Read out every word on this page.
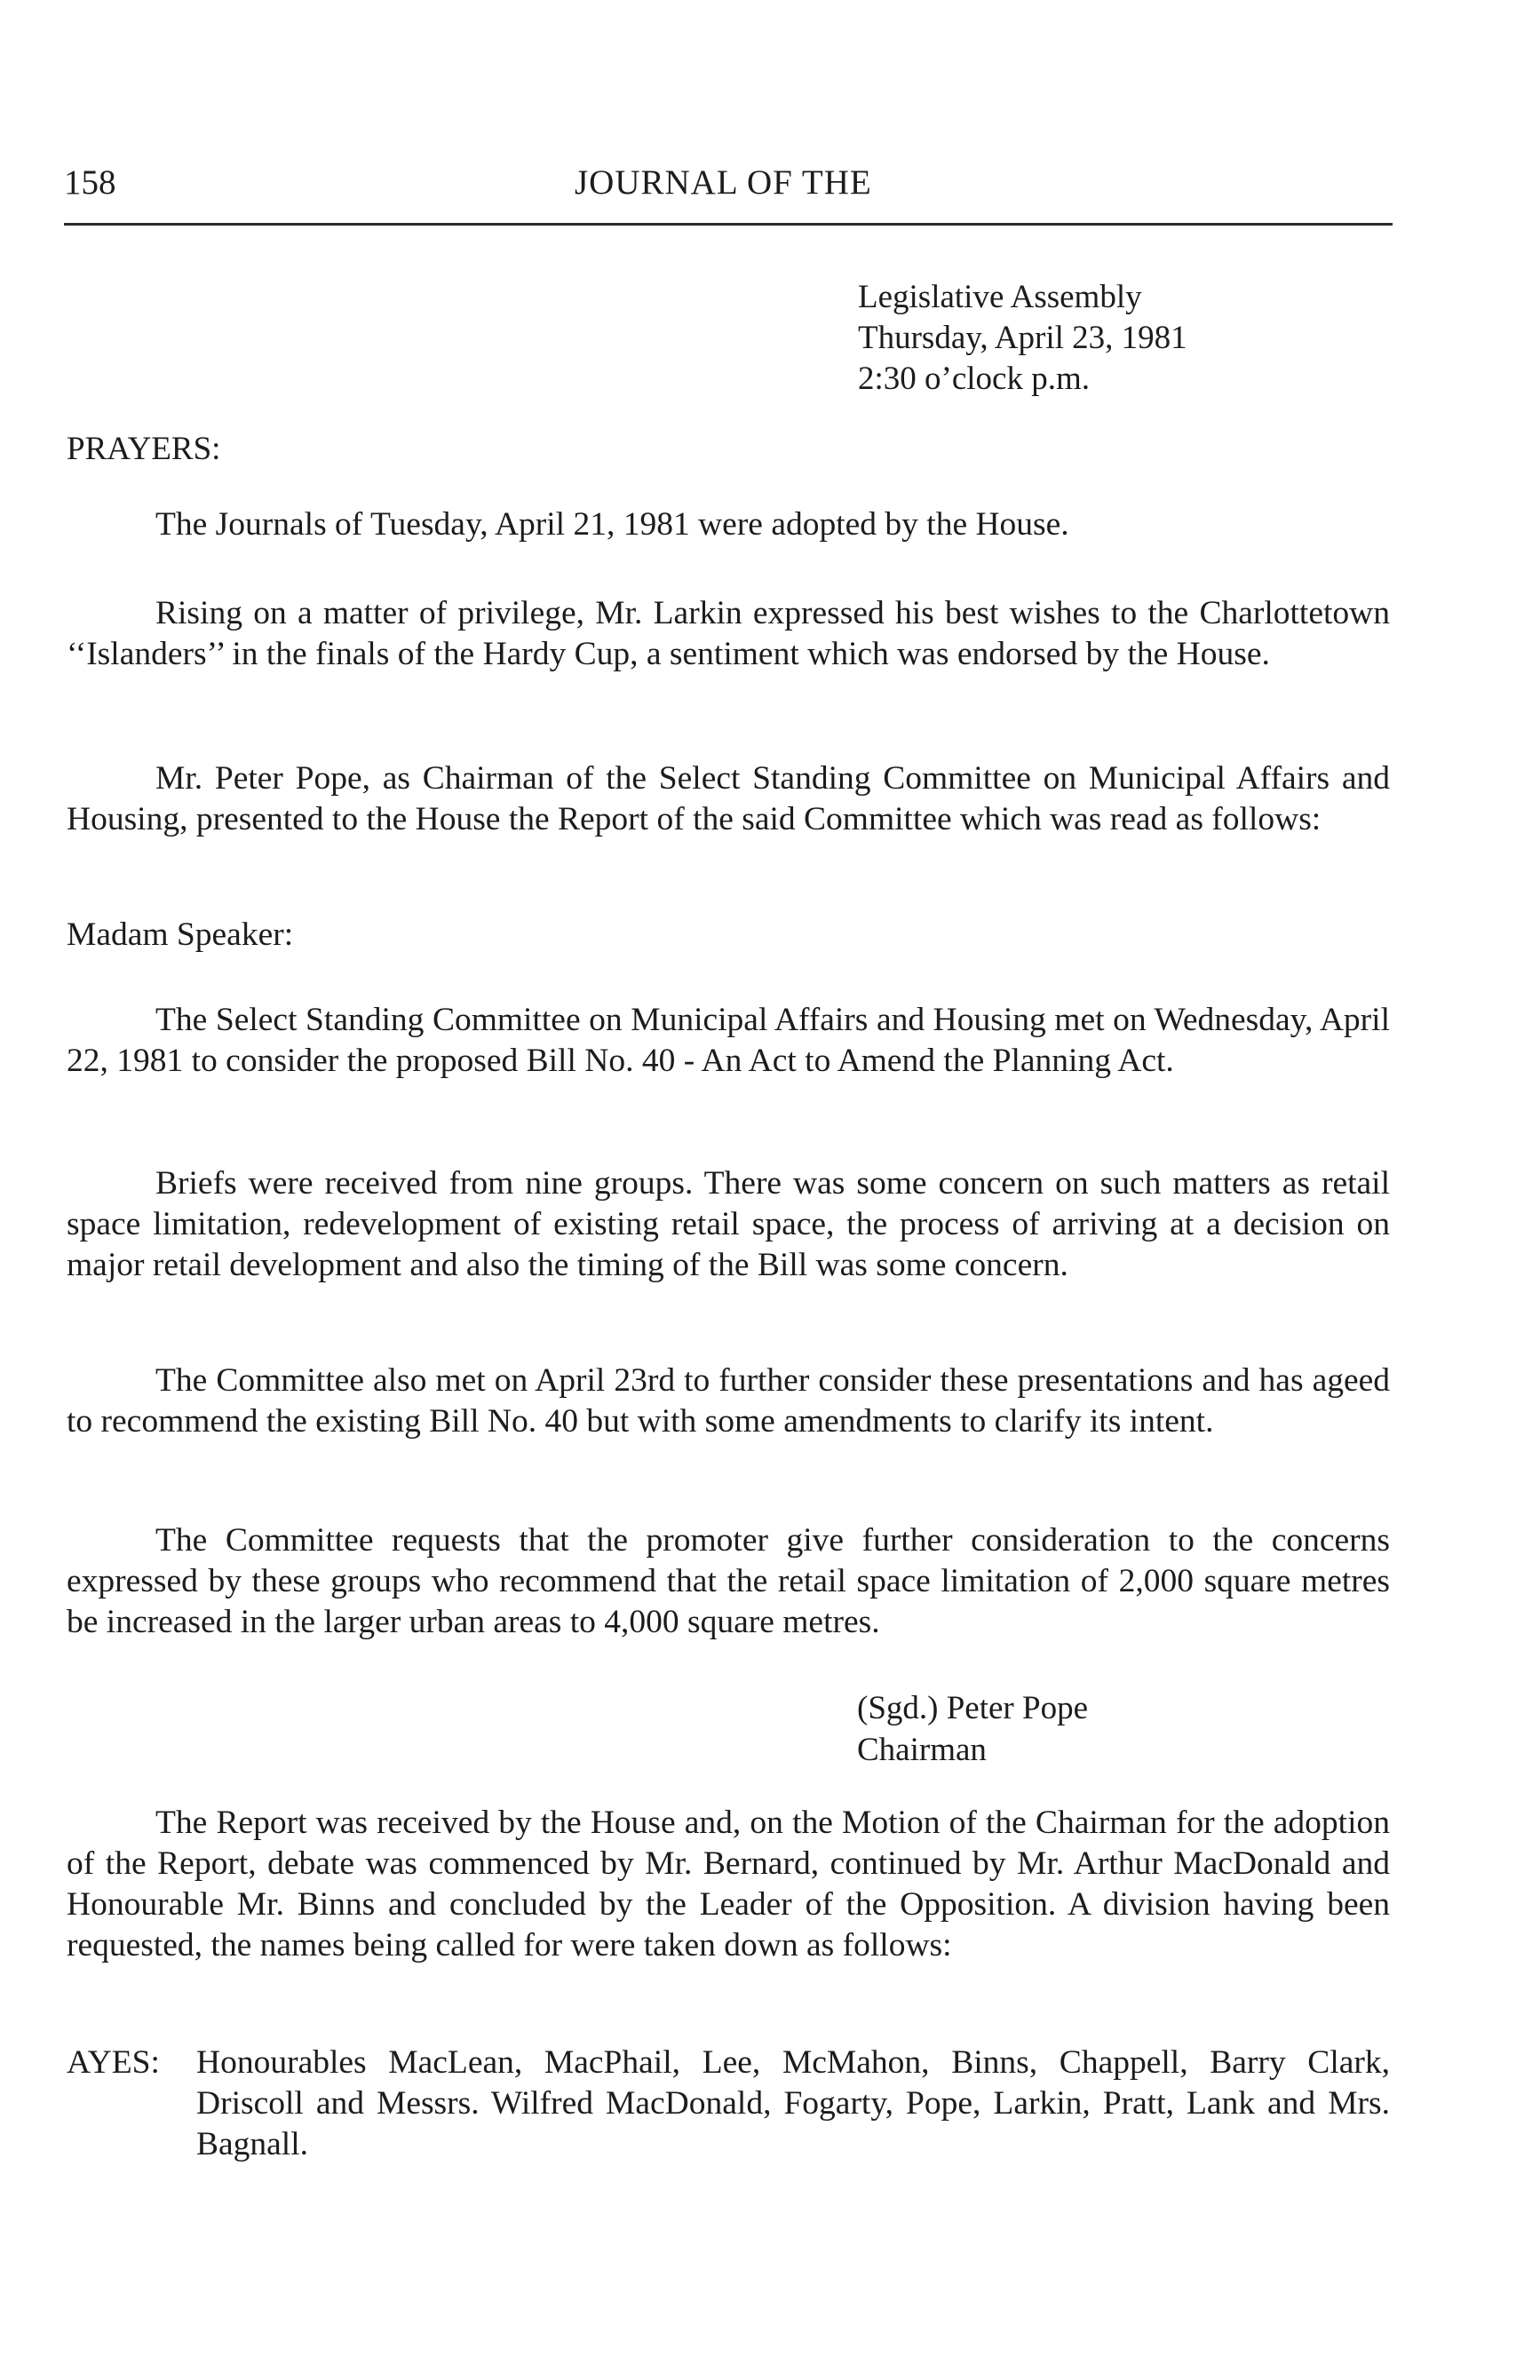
158	JOURNAL OF THE
Legislative Assembly
Thursday, April 23, 1981
2:30 o’clock p.m.
PRAYERS:

The Journals of Tuesday, April 21, 1981 were adopted by the House.

Rising on a matter of privilege, Mr. Larkin expressed his best wishes to the Charlottetown ‘‘Islanders’’ in the finals of the Hardy Cup, a sentiment which was endorsed by the House.

Mr. Peter Pope, as Chairman of the Select Standing Committee on Municipal Affairs and Housing, presented to the House the Report of the said Committee which was read as follows:

Madam Speaker:

The Select Standing Committee on Municipal Affairs and Housing met on Wednesday, April 22, 1981 to consider the proposed Bill No. 40 - An Act to Amend the Planning Act.

Briefs were received from nine groups. There was some concern on such matters as retail space limitation, redevelopment of existing retail space, the process of arriving at a decision on major retail development and also the timing of the Bill was some concern.

The Committee also met on April 23rd to further consider these presentations and has ageed to recommend the existing Bill No. 40 but with some amendments to clarify its intent.

The Committee requests that the promoter give further consideration to the concerns expressed by these groups who recommend that the retail space limitation of 2,000 square metres be increased in the larger urban areas to 4,000 square metres.

(Sgd.) Peter Pope
Chairman

The Report was received by the House and, on the Motion of the Chairman for the adoption of the Report, debate was commenced by Mr. Bernard, continued by Mr. Arthur MacDonald and Honourable Mr. Binns and concluded by the Leader of the Opposition. A division having been requested, the names being called for were taken down as follows:

AYES: Honourables MacLean, MacPhail, Lee, McMahon, Binns, Chappell, Barry Clark, Driscoll and Messrs. Wilfred MacDonald, Fogarty, Pope, Larkin, Pratt, Lank and Mrs. Bagnall.
